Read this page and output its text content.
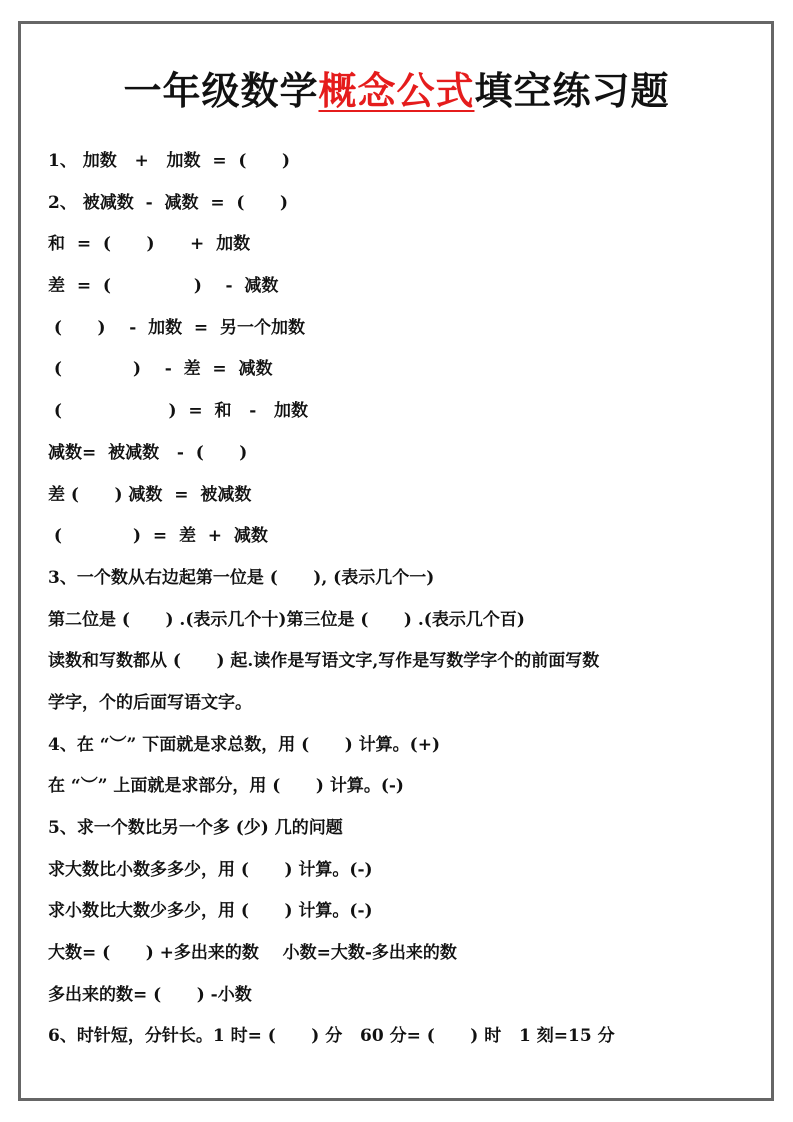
一年级数学概念公式填空练习题
1、 加数   +   加数  =  (      )
2、 被减数  -  减数  =  (      )
和  =  (      )      +  加数
差  =  (              )    -  减数
(      )    -  加数  =  另一个加数
(            )    -  差  =  减数
(                  )  =  和   -   加数
减数=  被减数   -  (      )
差 (      ) 减数  =  被减数
(            )  =  差  +  减数
3、一个数从右边起第一位是 (      ), (表示几个一)
第二位是 (      ) .(表示几个十)第三位是 (      ) .(表示几个百)
读数和写数都从 (      ) 起.读作是写语文字,写作是写数学字个的前面写数
学字，个的后面写语文字。
4、在 “︶” 下面就是求总数，用 (      ) 计算。(+)
在 “︶” 上面就是求部分，用 (      ) 计算。(-)
5、求一个数比另一个多 (少) 几的问题
求大数比小数多多少，用 (      ) 计算。(-)
求小数比大数少多少，用 (      ) 计算。(-)
大数= (      ) +多出来的数    小数=大数-多出来的数
多出来的数= (      ) -小数
6、时针短，分针长。1 时= (      ) 分   60 分= (      ) 时   1 刻=15 分
